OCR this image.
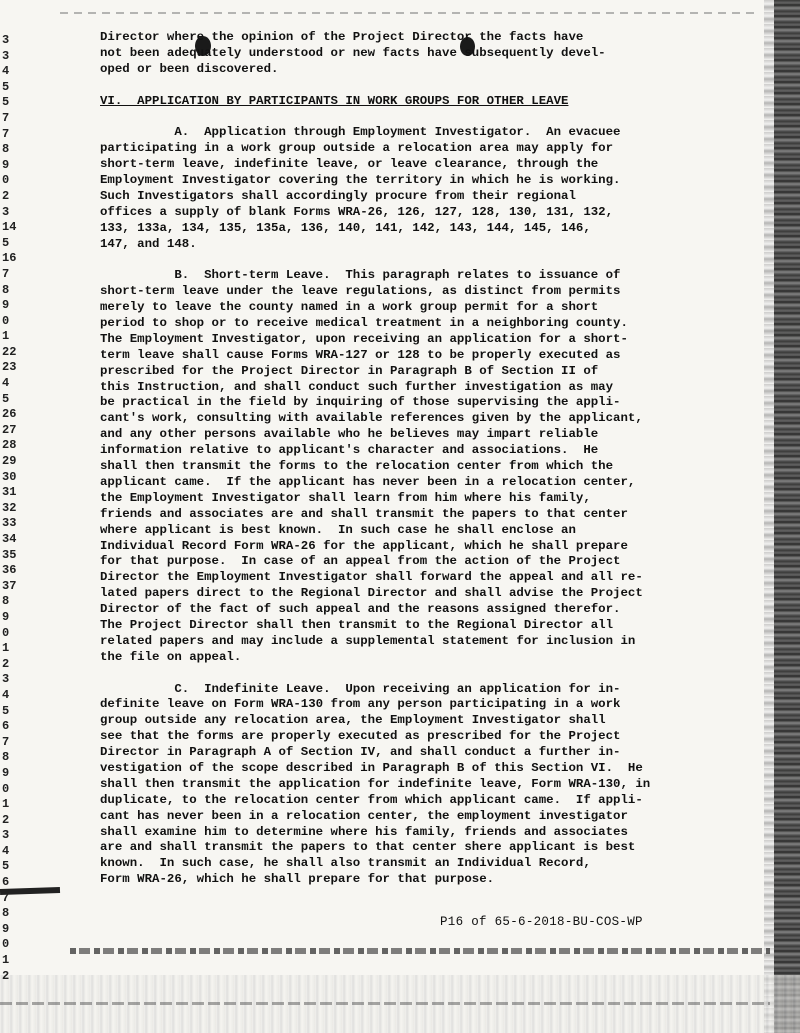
3
3
4
5
5
7
7
8
9
0
2
3
14
5
16
7
8
9
0
1
22
23
4
5
26
27
28
29
30
31
32
33
34
35
36
37
8
9
0
1
2
3
4
5
6
7
8
9
0
1
2
3
4
5
6
7
8
9
0
1
2
Director where the opinion of the Project Director the facts have
not been adequately understood or new facts have subsequently devel-
oped or been discovered.
VI.  APPLICATION BY PARTICIPANTS IN WORK GROUPS FOR OTHER LEAVE
A.  Application through Employment Investigator.  An evacuee
participating in a work group outside a relocation area may apply for
short-term leave, indefinite leave, or leave clearance, through the
Employment Investigator covering the territory in which he is working.
Such Investigators shall accordingly procure from their regional
offices a supply of blank Forms WRA-26, 126, 127, 128, 130, 131, 132,
133, 133a, 134, 135, 135a, 136, 140, 141, 142, 143, 144, 145, 146,
147, and 148.
B.  Short-term Leave.  This paragraph relates to issuance of
short-term leave under the leave regulations, as distinct from permits
merely to leave the county named in a work group permit for a short
period to shop or to receive medical treatment in a neighboring county.
The Employment Investigator, upon receiving an application for a short-
term leave shall cause Forms WRA-127 or 128 to be properly executed as
prescribed for the Project Director in Paragraph B of Section II of
this Instruction, and shall conduct such further investigation as may
be practical in the field by inquiring of those supervising the appli-
cant's work, consulting with available references given by the applicant,
and any other persons available who he believes may impart reliable
information relative to applicant's character and associations.  He
shall then transmit the forms to the relocation center from which the
applicant came.  If the applicant has never been in a relocation center,
the Employment Investigator shall learn from him where his family,
friends and associates are and shall transmit the papers to that center
where applicant is best known.  In such case he shall enclose an
Individual Record Form WRA-26 for the applicant, which he shall prepare
for that purpose.  In case of an appeal from the action of the Project
Director the Employment Investigator shall forward the appeal and all re-
lated papers direct to the Regional Director and shall advise the Project
Director of the fact of such appeal and the reasons assigned therefor.
The Project Director shall then transmit to the Regional Director all
related papers and may include a supplemental statement for inclusion in
the file on appeal.
C.  Indefinite Leave.  Upon receiving an application for in-
definite leave on Form WRA-130 from any person participating in a work
group outside any relocation area, the Employment Investigator shall
see that the forms are properly executed as prescribed for the Project
Director in Paragraph A of Section IV, and shall conduct a further in-
vestigation of the scope described in Paragraph B of this Section VI.  He
shall then transmit the application for indefinite leave, Form WRA-130, in
duplicate, to the relocation center from which applicant came.  If appli-
cant has never been in a relocation center, the employment investigator
shall examine him to determine where his family, friends and associates
are and shall transmit the papers to that center shere applicant is best
known.  In such case, he shall also transmit an Individual Record,
Form WRA-26, which he shall prepare for that purpose.
P16 of 65-6-2018-BU-COS-WP
